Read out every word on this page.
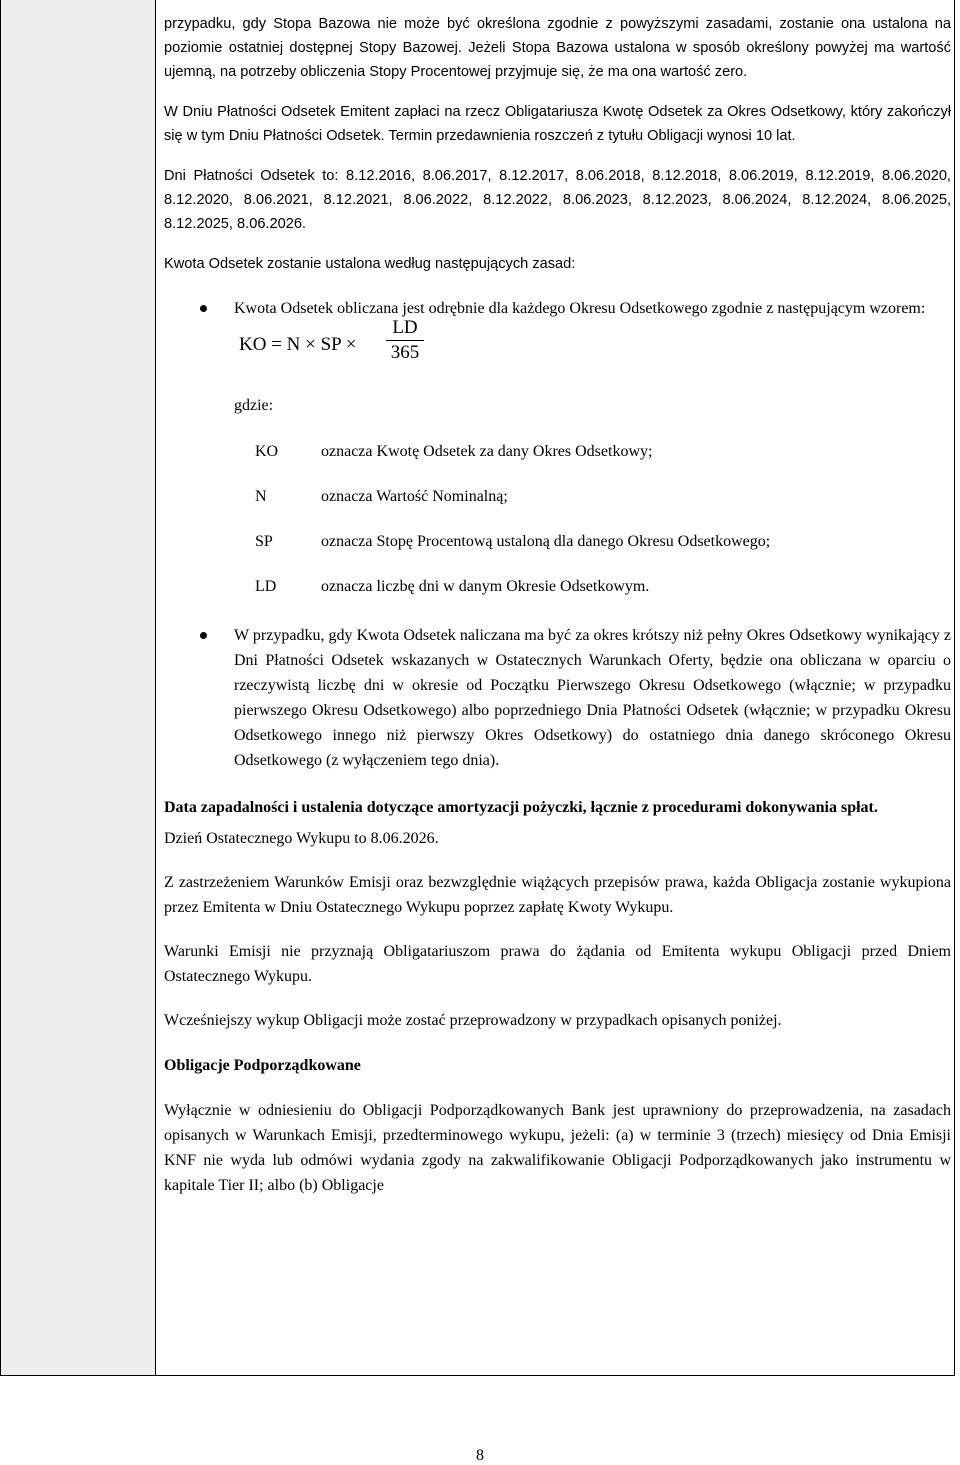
przypadku, gdy Stopa Bazowa nie może być określona zgodnie z powyższymi zasadami, zostanie ona ustalona na poziomie ostatniej dostępnej Stopy Bazowej. Jeżeli Stopa Bazowa ustalona w sposób określony powyżej ma wartość ujemną, na potrzeby obliczenia Stopy Procentowej przyjmuje się, że ma ona wartość zero.

W Dniu Płatności Odsetek Emitent zapłaci na rzecz Obligatariusza Kwotę Odsetek za Okres Odsetkowy, który zakończył się w tym Dniu Płatności Odsetek. Termin przedawnienia roszczeń z tytułu Obligacji wynosi 10 lat.

Dni Płatności Odsetek to: 8.12.2016, 8.06.2017, 8.12.2017, 8.06.2018, 8.12.2018, 8.06.2019, 8.12.2019, 8.06.2020, 8.12.2020, 8.06.2021, 8.12.2021, 8.06.2022, 8.12.2022, 8.06.2023, 8.12.2023, 8.06.2024, 8.12.2024, 8.06.2025, 8.12.2025, 8.06.2026.

Kwota Odsetek zostanie ustalona według następujących zasad:

Kwota Odsetek obliczana jest odrębnie dla każdego Okresu Odsetkowego zgodnie z następującym wzorem:

KO = N × SP ×
LD
365

gdzie:

KO	oznacza Kwotę Odsetek za dany Okres Odsetkowy;
N	oznacza Wartość Nominalną;
SP	oznacza Stopę Procentową ustaloną dla danego Okresu Odsetkowego;
LD	oznacza liczbę dni w danym Okresie Odsetkowym.

W przypadku, gdy Kwota Odsetek naliczana ma być za okres krótszy niż pełny Okres Odsetkowy wynikający z Dni Płatności Odsetek wskazanych w Ostatecznych Warunkach Oferty, będzie ona obliczana w oparciu o rzeczywistą liczbę dni w okresie od Początku Pierwszego Okresu Odsetkowego (włącznie; w przypadku pierwszego Okresu Odsetkowego) albo poprzedniego Dnia Płatności Odsetek (włącznie; w przypadku Okresu Odsetkowego innego niż pierwszy Okres Odsetkowy) do ostatniego dnia danego skróconego Okresu Odsetkowego (z wyłączeniem tego dnia).

Data zapadalności i ustalenia dotyczące amortyzacji pożyczki, łącznie z procedurami dokonywania spłat.

Dzień Ostatecznego Wykupu to 8.06.2026.

Z zastrzeżeniem Warunków Emisji oraz bezwzględnie wiążących przepisów prawa, każda Obligacja zostanie wykupiona przez Emitenta w Dniu Ostatecznego Wykupu poprzez zapłatę Kwoty Wykupu.

Warunki Emisji nie przyznają Obligatariuszom prawa do żądania od Emitenta wykupu Obligacji przed Dniem Ostatecznego Wykupu.

Wcześniejszy wykup Obligacji może zostać przeprowadzony w przypadkach opisanych poniżej.

Obligacje Podporządkowane

Wyłącznie w odniesieniu do Obligacji Podporządkowanych Bank jest uprawniony do przeprowadzenia, na zasadach opisanych w Warunkach Emisji, przedterminowego wykupu, jeżeli: (a) w terminie 3 (trzech) miesięcy od Dnia Emisji KNF nie wyda lub odmówi wydania zgody na zakwalifikowanie Obligacji Podporządkowanych jako instrumentu w kapitale Tier II; albo (b) Obligacje

8
